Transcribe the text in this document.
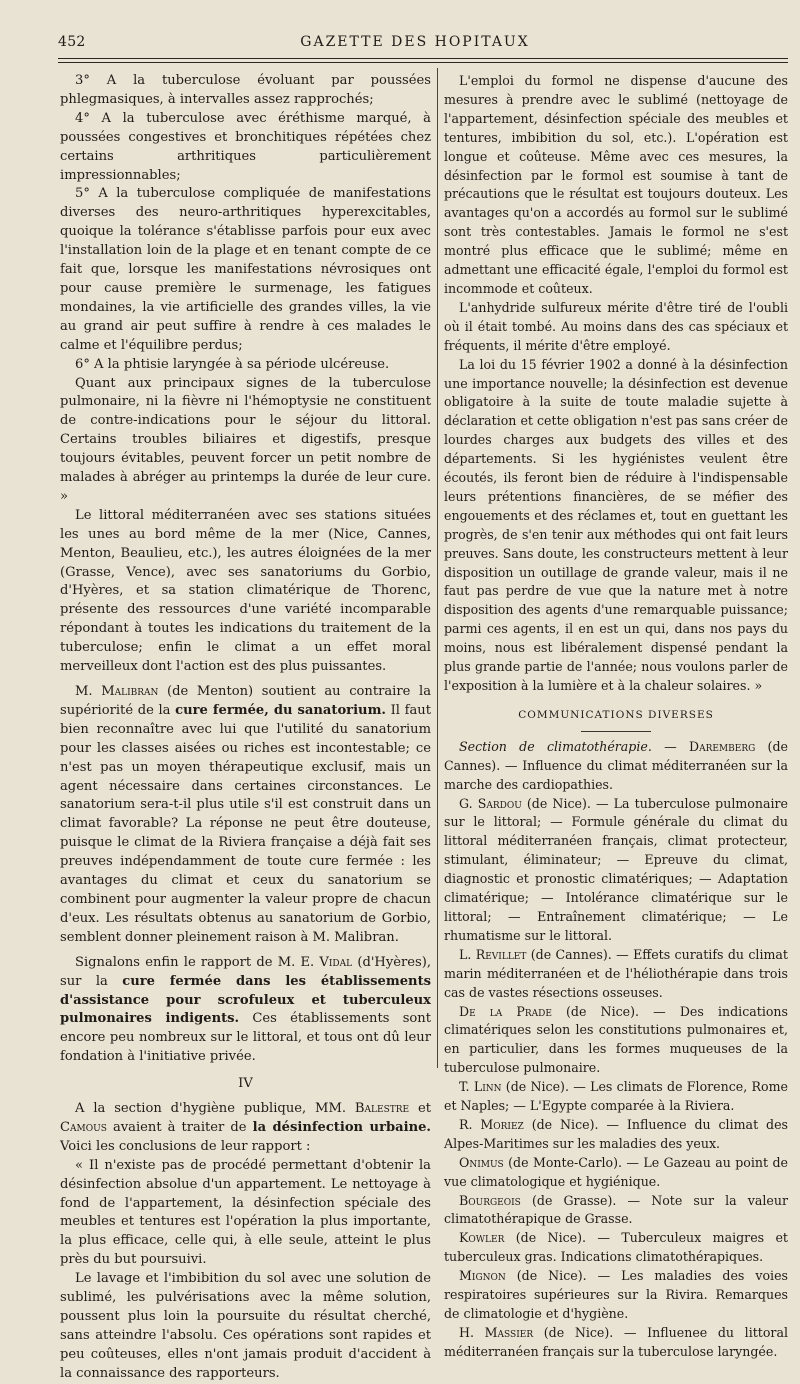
452	GAZETTE DES HOPITAUX

3° A la tuberculose évoluant par poussées phlegmasiques, à intervalles assez rapprochés;

4° A la tuberculose avec éréthisme marqué, à poussées congestives et bronchitiques répétées chez certains arthritiques particulièrement impressionnables;

5° A la tuberculose compliquée de manifestations diverses des neuro-arthritiques hyperexcitables, quoique la tolérance s'établisse parfois pour eux avec l'installation loin de la plage et en tenant compte de ce fait que, lorsque les manifestations névrosiques ont pour cause première le surmenage, les fatigues mondaines, la vie artificielle des grandes villes, la vie au grand air peut suffire à rendre à ces malades le calme et l'équilibre perdus;

6° A la phtisie laryngée à sa période ulcéreuse.

Quant aux principaux signes de la tuberculose pulmonaire, ni la fièvre ni l'hémoptysie ne constituent de contre-indications pour le séjour du littoral. Certains troubles biliaires et digestifs, presque toujours évitables, peuvent forcer un petit nombre de malades à abréger au printemps la durée de leur cure. »

Le littoral méditerranéen avec ses stations situées les unes au bord même de la mer (Nice, Cannes, Menton, Beaulieu, etc.), les autres éloignées de la mer (Grasse, Vence), avec ses sanatoriums du Gorbio, d'Hyères, et sa station climatérique de Thorenc, présente des ressources d'une variété incomparable répondant à toutes les indications du traitement de la tuberculose; enfin le climat a un effet moral merveilleux dont l'action est des plus puissantes.

M. Malibran (de Menton) soutient au contraire la supériorité de la cure fermée, du sanatorium. Il faut bien reconnaître avec lui que l'utilité du sanatorium pour les classes aisées ou riches est incontestable; ce n'est pas un moyen thérapeutique exclusif, mais un agent nécessaire dans certaines circonstances. Le sanatorium sera-t-il plus utile s'il est construit dans un climat favorable? La réponse ne peut être douteuse, puisque le climat de la Riviera française a déjà fait ses preuves indépendamment de toute cure fermée : les avantages du climat et ceux du sanatorium se combinent pour augmenter la valeur propre de chacun d'eux. Les résultats obtenus au sanatorium de Gorbio, semblent donner pleinement raison à M. Malibran.

Signalons enfin le rapport de M. E. Vidal (d'Hyères), sur la cure fermée dans les établissements d'assistance pour scrofuleux et tuberculeux pulmonaires indigents. Ces établissements sont encore peu nombreux sur le littoral, et tous ont dû leur fondation à l'initiative privée.

IV

A la section d'hygiène publique, MM. Balestre et Camous avaient à traiter de la désinfection urbaine. Voici les conclusions de leur rapport :

« Il n'existe pas de procédé permettant d'obtenir la désinfection absolue d'un appartement. Le nettoyage à fond de l'appartement, la désinfection spéciale des meubles et tentures est l'opération la plus importante, la plus efficace, celle qui, à elle seule, atteint le plus près du but poursuivi.

Le lavage et l'imbibition du sol avec une solution de sublimé, les pulvérisations avec la même solution, poussent plus loin la poursuite du résultat cherché, sans atteindre l'absolu. Ces opérations sont rapides et peu coûteuses, elles n'ont jamais produit d'accident à la connaissance des rapporteurs.

L'emploi du formol ne dispense d'aucune des mesures à prendre avec le sublimé (nettoyage de l'appartement, désinfection spéciale des meubles et tentures, imbibition du sol, etc.). L'opération est longue et coûteuse. Même avec ces mesures, la désinfection par le formol est soumise à tant de précautions que le résultat est toujours douteux. Les avantages qu'on a accordés au formol sur le sublimé sont très contestables. Jamais le formol ne s'est montré plus efficace que le sublimé; même en admettant une efficacité égale, l'emploi du formol est incommode et coûteux.

L'anhydride sulfureux mérite d'être tiré de l'oubli où il était tombé. Au moins dans des cas spéciaux et fréquents, il mérite d'être employé.

La loi du 15 février 1902 a donné à la désinfection une importance nouvelle; la désinfection est devenue obligatoire à la suite de toute maladie sujette à déclaration et cette obligation n'est pas sans créer de lourdes charges aux budgets des villes et des départements. Si les hygiénistes veulent être écoutés, ils feront bien de réduire à l'indispensable leurs prétentions financières, de se méfier des engouements et des réclames et, tout en guettant les progrès, de s'en tenir aux méthodes qui ont fait leurs preuves. Sans doute, les constructeurs mettent à leur disposition un outillage de grande valeur, mais il ne faut pas perdre de vue que la nature met à notre disposition des agents d'une remarquable puissance; parmi ces agents, il en est un qui, dans nos pays du moins, nous est libéralement dispensé pendant la plus grande partie de l'année; nous voulons parler de l'exposition à la lumière et à la chaleur solaires. »

COMMUNICATIONS DIVERSES

Section de climatothérapie. — Daremberg (de Cannes). — Influence du climat méditerranéen sur la marche des cardiopathies.

G. Sardou (de Nice). — La tuberculose pulmonaire sur le littoral; — Formule générale du climat du littoral méditerranéen français, climat protecteur, stimulant, éliminateur; — Epreuve du climat, diagnostic et pronostic climatériques; — Adaptation climatérique; — Intolérance climatérique sur le littoral; — Entraînement climatérique; — Le rhumatisme sur le littoral.

L. Revillet (de Cannes). — Effets curatifs du climat marin méditerranéen et de l'héliothérapie dans trois cas de vastes résections osseuses.

De la Prade (de Nice). — Des indications climatériques selon les constitutions pulmonaires et, en particulier, dans les formes muqueuses de la tuberculose pulmonaire.

T. Linn (de Nice). — Les climats de Florence, Rome et Naples; — L'Egypte comparée à la Riviera.

R. Moriez (de Nice). — Influence du climat des Alpes-Maritimes sur les maladies des yeux.

Onimus (de Monte-Carlo). — Le Gazeau au point de vue climatologique et hygiénique.

Bourgeois (de Grasse). — Note sur la valeur climatothérapique de Grasse.

Kowler (de Nice). — Tuberculeux maigres et tuberculeux gras. Indications climatothérapiques.

Mignon (de Nice). — Les maladies des voies respiratoires supérieures sur la Rivira. Remarques de climatologie et d'hygiène.

H. Massier (de Nice). — Influenee du littoral méditerranéen français sur la tuberculose laryngée.
